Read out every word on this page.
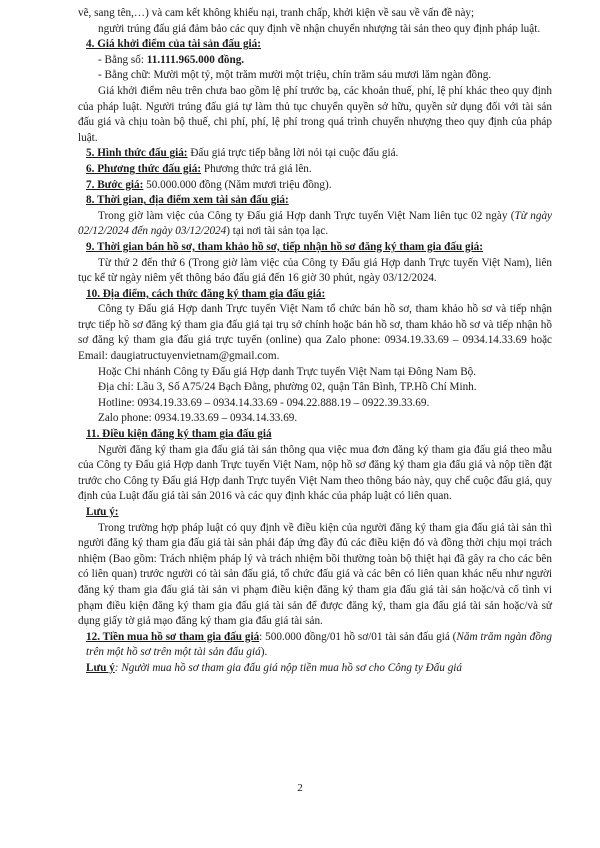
vẽ, sang tên,…) và cam kết không khiếu nại, tranh chấp, khởi kiện về sau về vấn đề này;

người trúng đấu giá đảm bảo các quy định về nhận chuyển nhượng tài sản theo quy định pháp luật.

4. Giá khởi điểm của tài sản đấu giá:

- Bằng số: 11.111.965.000 đồng.

- Bằng chữ: Mười một tỷ, một trăm mười một triệu, chín trăm sáu mươi lăm ngàn đồng.

Giá khởi điểm nêu trên chưa bao gồm lệ phí trước bạ, các khoản thuế, phí, lệ phí khác theo quy định của pháp luật. Người trúng đấu giá tự làm thủ tục chuyển quyền sở hữu, quyền sử dụng đối với tài sản đấu giá và chịu toàn bộ thuế, chi phí, phí, lệ phí trong quá trình chuyển nhượng theo quy định của pháp luật.

5. Hình thức đấu giá: Đấu giá trực tiếp bằng lời nói tại cuộc đấu giá.

6. Phương thức đấu giá: Phương thức trả giá lên.

7. Bước giá: 50.000.000 đồng (Năm mươi triệu đồng).

8. Thời gian, địa điểm xem tài sản đấu giá:

Trong giờ làm việc của Công ty Đấu giá Hợp danh Trực tuyến Việt Nam liên tục 02 ngày (Từ ngày 02/12/2024 đến ngày 03/12/2024) tại nơi tài sản tọa lạc.

9. Thời gian bán hồ sơ, tham khảo hồ sơ, tiếp nhận hồ sơ đăng ký tham gia đấu giá:

Từ thứ 2 đến thứ 6 (Trong giờ làm việc của Công ty Đấu giá Hợp danh Trực tuyến Việt Nam), liên tục kể từ ngày niêm yết thông báo đấu giá đến 16 giờ 30 phút, ngày 03/12/2024.

10. Địa điểm, cách thức đăng ký tham gia đấu giá:

Công ty Đấu giá Hợp danh Trực tuyến Việt Nam tổ chức bán hồ sơ, tham khảo hồ sơ và tiếp nhận trực tiếp hồ sơ đăng ký tham gia đấu giá tại trụ sở chính hoặc bán hồ sơ, tham khảo hồ sơ và tiếp nhận hồ sơ đăng ký tham gia đấu giá trực tuyến (online) qua Zalo phone: 0934.19.33.69 – 0934.14.33.69 hoặc Email: daugiatructuyenvietnam@gmail.com.

Hoặc Chi nhánh Công ty Đấu giá Hợp danh Trực tuyến Việt Nam tại Đông Nam Bộ.

Địa chỉ: Lầu 3, Số A75/24 Bạch Đằng, phường 02, quận Tân Bình, TP.Hồ Chí Minh.

Hotline: 0934.19.33.69 – 0934.14.33.69 - 094.22.888.19 – 0922.39.33.69.

Zalo phone: 0934.19.33.69 – 0934.14.33.69.

11. Điều kiện đăng ký tham gia đấu giá

Người đăng ký tham gia đấu giá tài sản thông qua việc mua đơn đăng ký tham gia đấu giá theo mẫu của Công ty Đấu giá Hợp danh Trực tuyến Việt Nam, nộp hồ sơ đăng ký tham gia đấu giá và nộp tiền đặt trước cho Công ty Đấu giá Hợp danh Trực tuyến Việt Nam theo thông báo này, quy chế cuộc đấu giá, quy định của Luật đấu giá tài sản 2016 và các quy định khác của pháp luật có liên quan.

Lưu ý:

Trong trường hợp pháp luật có quy định về điều kiện của người đăng ký tham gia đấu giá tài sản thì người đăng ký tham gia đấu giá tài sản phải đáp ứng đầy đủ các điều kiện đó và đồng thời chịu mọi trách nhiệm (Bao gồm: Trách nhiệm pháp lý và trách nhiệm bồi thường toàn bộ thiệt hại đã gây ra cho các bên có liên quan) trước người có tài sản đấu giá, tổ chức đấu giá và các bên có liên quan khác nếu như người đăng ký tham gia đấu giá tài sản vi phạm điều kiện đăng ký tham gia đấu giá tài sản hoặc/và cố tình vi phạm điều kiện đăng ký tham gia đấu giá tài sản để được đăng ký, tham gia đấu giá tài sản hoặc/và sử dụng giấy tờ giả mạo đăng ký tham gia đấu giá tài sản.

12. Tiền mua hồ sơ tham gia đấu giá: 500.000 đồng/01 hồ sơ/01 tài sản đấu giá (Năm trăm ngàn đồng trên một hồ sơ trên một tài sản đấu giá).

Lưu ý: Người mua hồ sơ tham gia đấu giá nộp tiền mua hồ sơ cho Công ty Đấu giá

2
